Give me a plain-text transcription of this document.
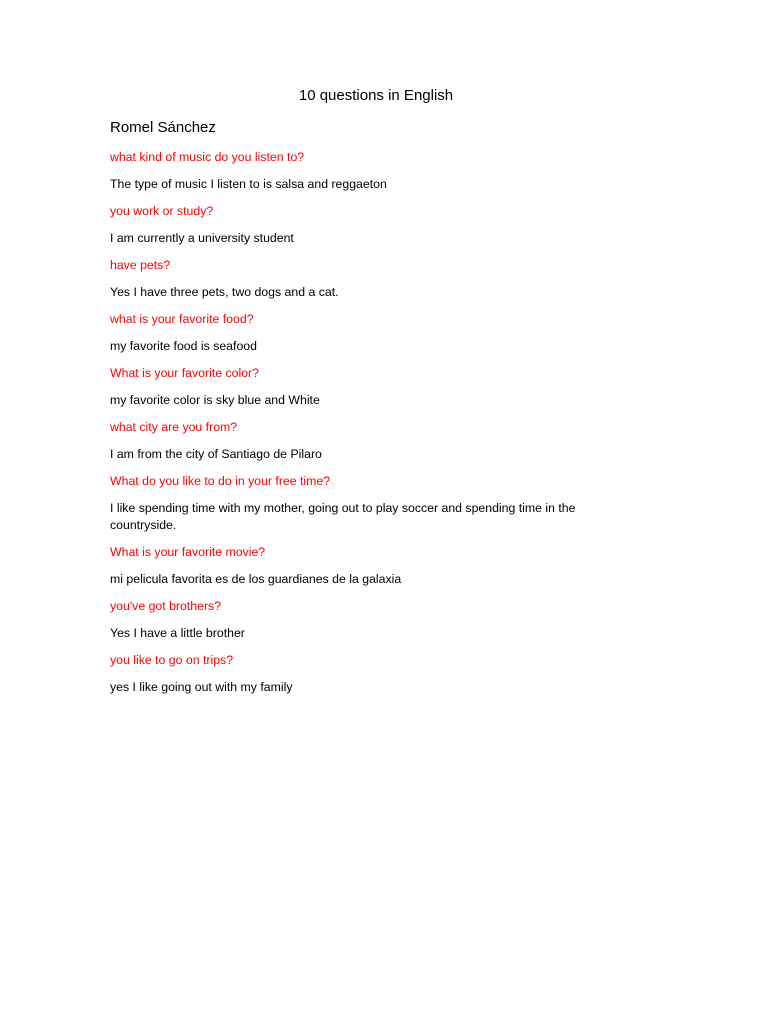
10 questions in English
Romel Sánchez

what kind of music do you listen to?

The type of music I listen to is salsa and reggaeton

you work or study?

I am currently a university student

have pets?

Yes I have three pets, two dogs and a cat.

what is your favorite food?

my favorite food is seafood

What is your favorite color?

my favorite color is sky blue and White

what city are you from?

I am from the city of Santiago de Pilaro

What do you like to do in your free time?

I like spending time with my mother, going out to play soccer and spending time in the countryside.

What is your favorite movie?

mi pelicula favorita es de los guardianes de la galaxia

you've got brothers?

Yes I have a little brother

you like to go on trips?

yes I like going out with my family
